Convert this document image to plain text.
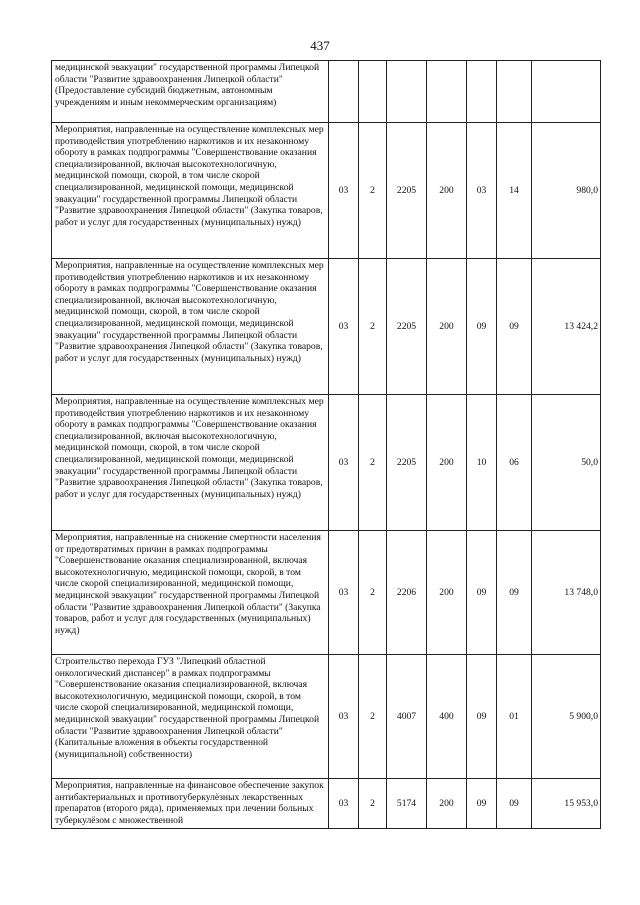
437
медицинской эвакуации" государственной программы Липецкой области "Развитие здравоохранения Липецкой области" (Предоставление субсидий бюджетным, автономным учреждениям и иным некоммерческим организациям)							
Мероприятия, направленные на осуществление комплексных мер противодействия употреблению наркотиков и их незаконному обороту в рамках подпрограммы "Совершенствование оказания специализированной, включая высокотехнологичную, медицинской помощи, скорой, в том числе скорой специализированной, медицинской помощи, медицинской эвакуации" государственной программы Липецкой области "Развитие здравоохранения Липецкой области" (Закупка товаров, работ и услуг для государственных (муниципальных) нужд)	03	2	2205	200	03	14	980,0
Мероприятия, направленные на осуществление комплексных мер противодействия употреблению наркотиков и их незаконному обороту в рамках подпрограммы "Совершенствование оказания специализированной, включая высокотехнологичную, медицинской помощи, скорой, в том числе скорой специализированной, медицинской помощи, медицинской эвакуации" государственной программы Липецкой области "Развитие здравоохранения Липецкой области" (Закупка товаров, работ и услуг для государственных (муниципальных) нужд)	03	2	2205	200	09	09	13 424,2
Мероприятия, направленные на осуществление комплексных мер противодействия употреблению наркотиков и их незаконному обороту в рамках подпрограммы "Совершенствование оказания специализированной, включая высокотехнологичную, медицинской помощи, скорой, в том числе скорой специализированной, медицинской помощи, медицинской эвакуации" государственной программы Липецкой области "Развитие здравоохранения Липецкой области" (Закупка товаров, работ и услуг для государственных (муниципальных) нужд)	03	2	2205	200	10	06	50,0
Мероприятия, направленные на снижение смертности населения от предотвратимых причин в рамках подпрограммы "Совершенствование оказания специализированной, включая высокотехнологичную, медицинской помощи, скорой, в том числе скорой специализированной, медицинской помощи, медицинской эвакуации" государственной программы Липецкой области "Развитие здравоохранения Липецкой области" (Закупка товаров, работ и услуг для государственных (муниципальных) нужд)	03	2	2206	200	09	09	13 748,0
Строительство перехода ГУЗ "Липецкий областной онкологический диспансер" в рамках подпрограммы "Совершенствование оказания специализированной, включая высокотехнологичную, медицинской помощи, скорой, в том числе скорой специализированной, медицинской помощи, медицинской эвакуации" государственной программы Липецкой области "Развитие здравоохранения Липецкой области" (Капитальные вложения в объекты государственной (муниципальной) собственности)	03	2	4007	400	09	01	5 900,0
Мероприятия, направленные на финансовое обеспечение закупок антибактериальных и противотуберкулёзных лекарственных препаратов (второго ряда), применяемых при лечении больных туберкулёзом с множественной	03	2	5174	200	09	09	15 953,0
